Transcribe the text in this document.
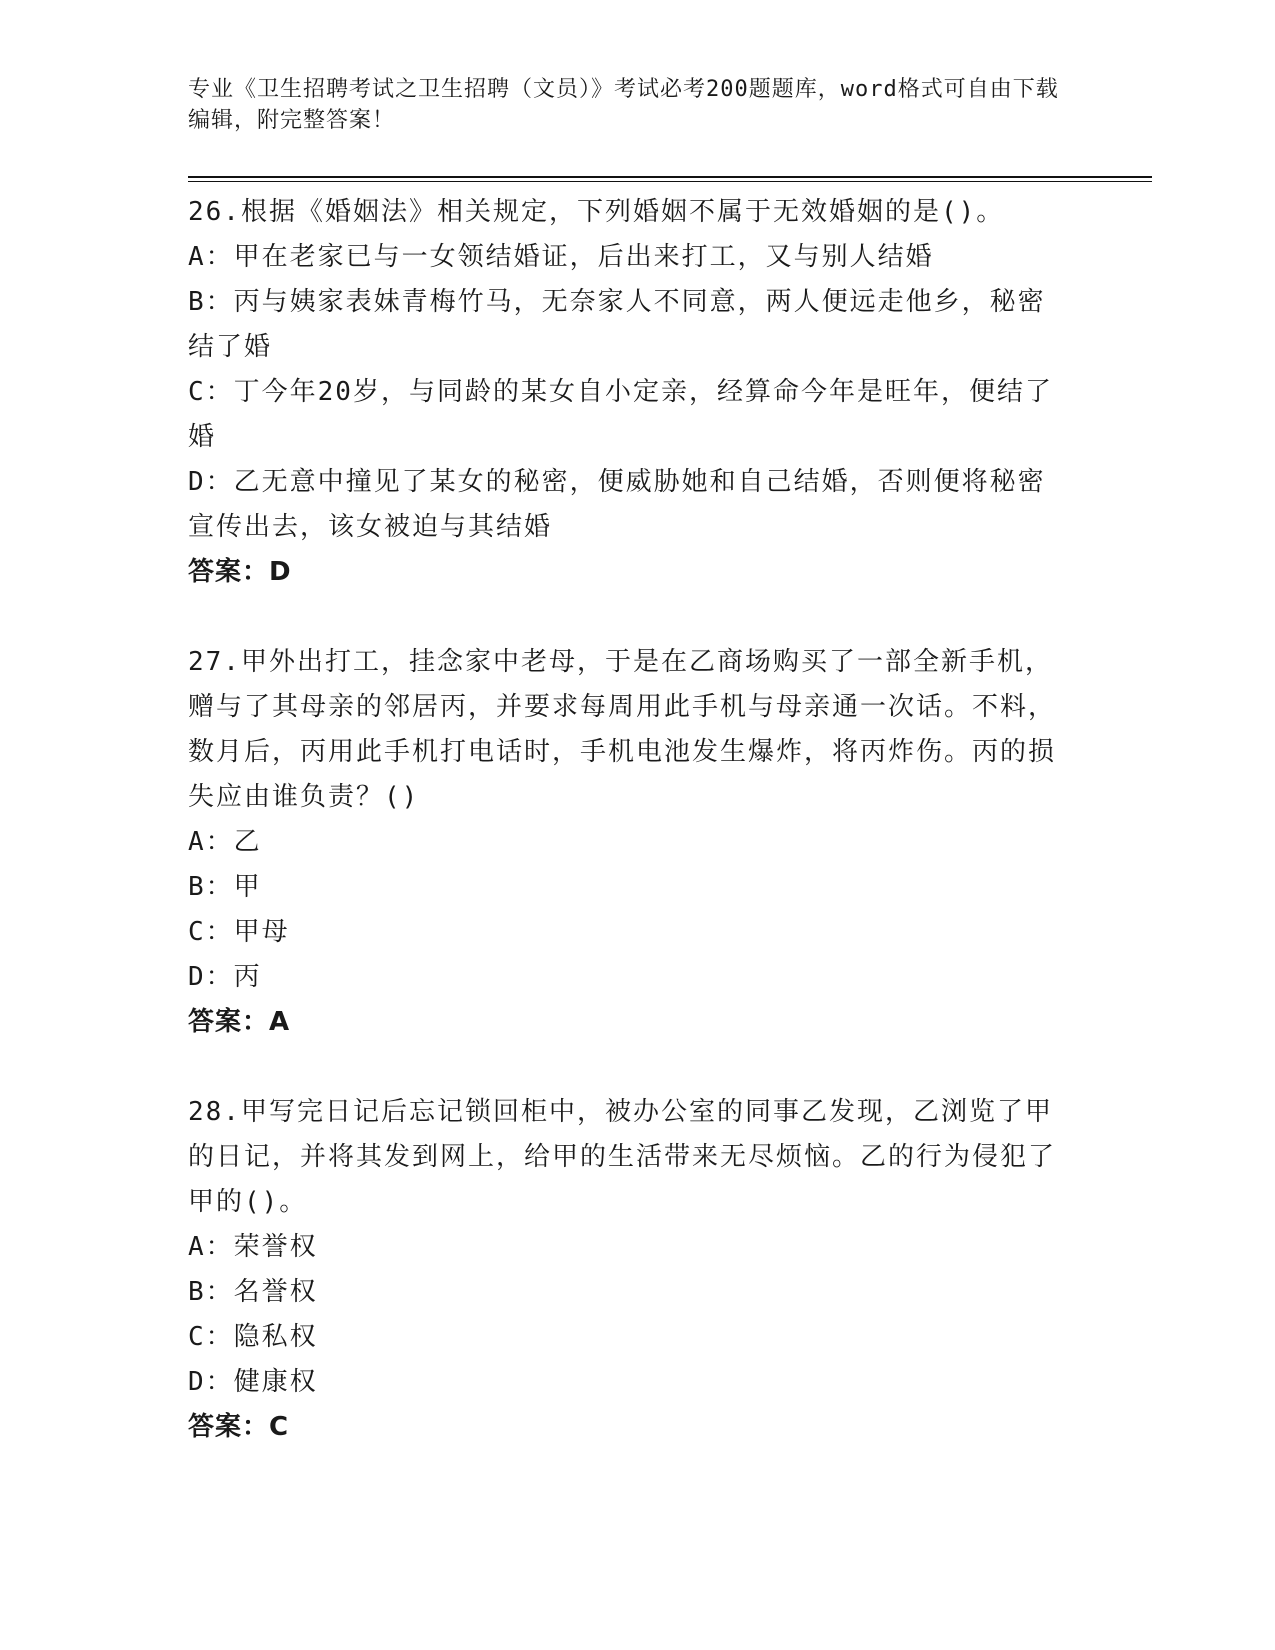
专业《卫生招聘考试之卫生招聘（文员）》考试必考200题题库，word格式可自由下载编辑，附完整答案！

26.根据《婚姻法》相关规定，下列婚姻不属于无效婚姻的是()。

A：甲在老家已与一女领结婚证，后出来打工，又与别人结婚

B：丙与姨家表妹青梅竹马，无奈家人不同意，两人便远走他乡，秘密结了婚

C：丁今年20岁，与同龄的某女自小定亲，经算命今年是旺年，便结了婚

D：乙无意中撞见了某女的秘密，便威胁她和自己结婚，否则便将秘密宣传出去，该女被迫与其结婚

答案：D

27.甲外出打工，挂念家中老母，于是在乙商场购买了一部全新手机，赠与了其母亲的邻居丙，并要求每周用此手机与母亲通一次话。不料，数月后，丙用此手机打电话时，手机电池发生爆炸，将丙炸伤。丙的损失应由谁负责？()

A：乙

B：甲

C：甲母

D：丙

答案：A

28.甲写完日记后忘记锁回柜中，被办公室的同事乙发现，乙浏览了甲的日记，并将其发到网上，给甲的生活带来无尽烦恼。乙的行为侵犯了甲的()。

A：荣誉权

B：名誉权

C：隐私权

D：健康权

答案：C
